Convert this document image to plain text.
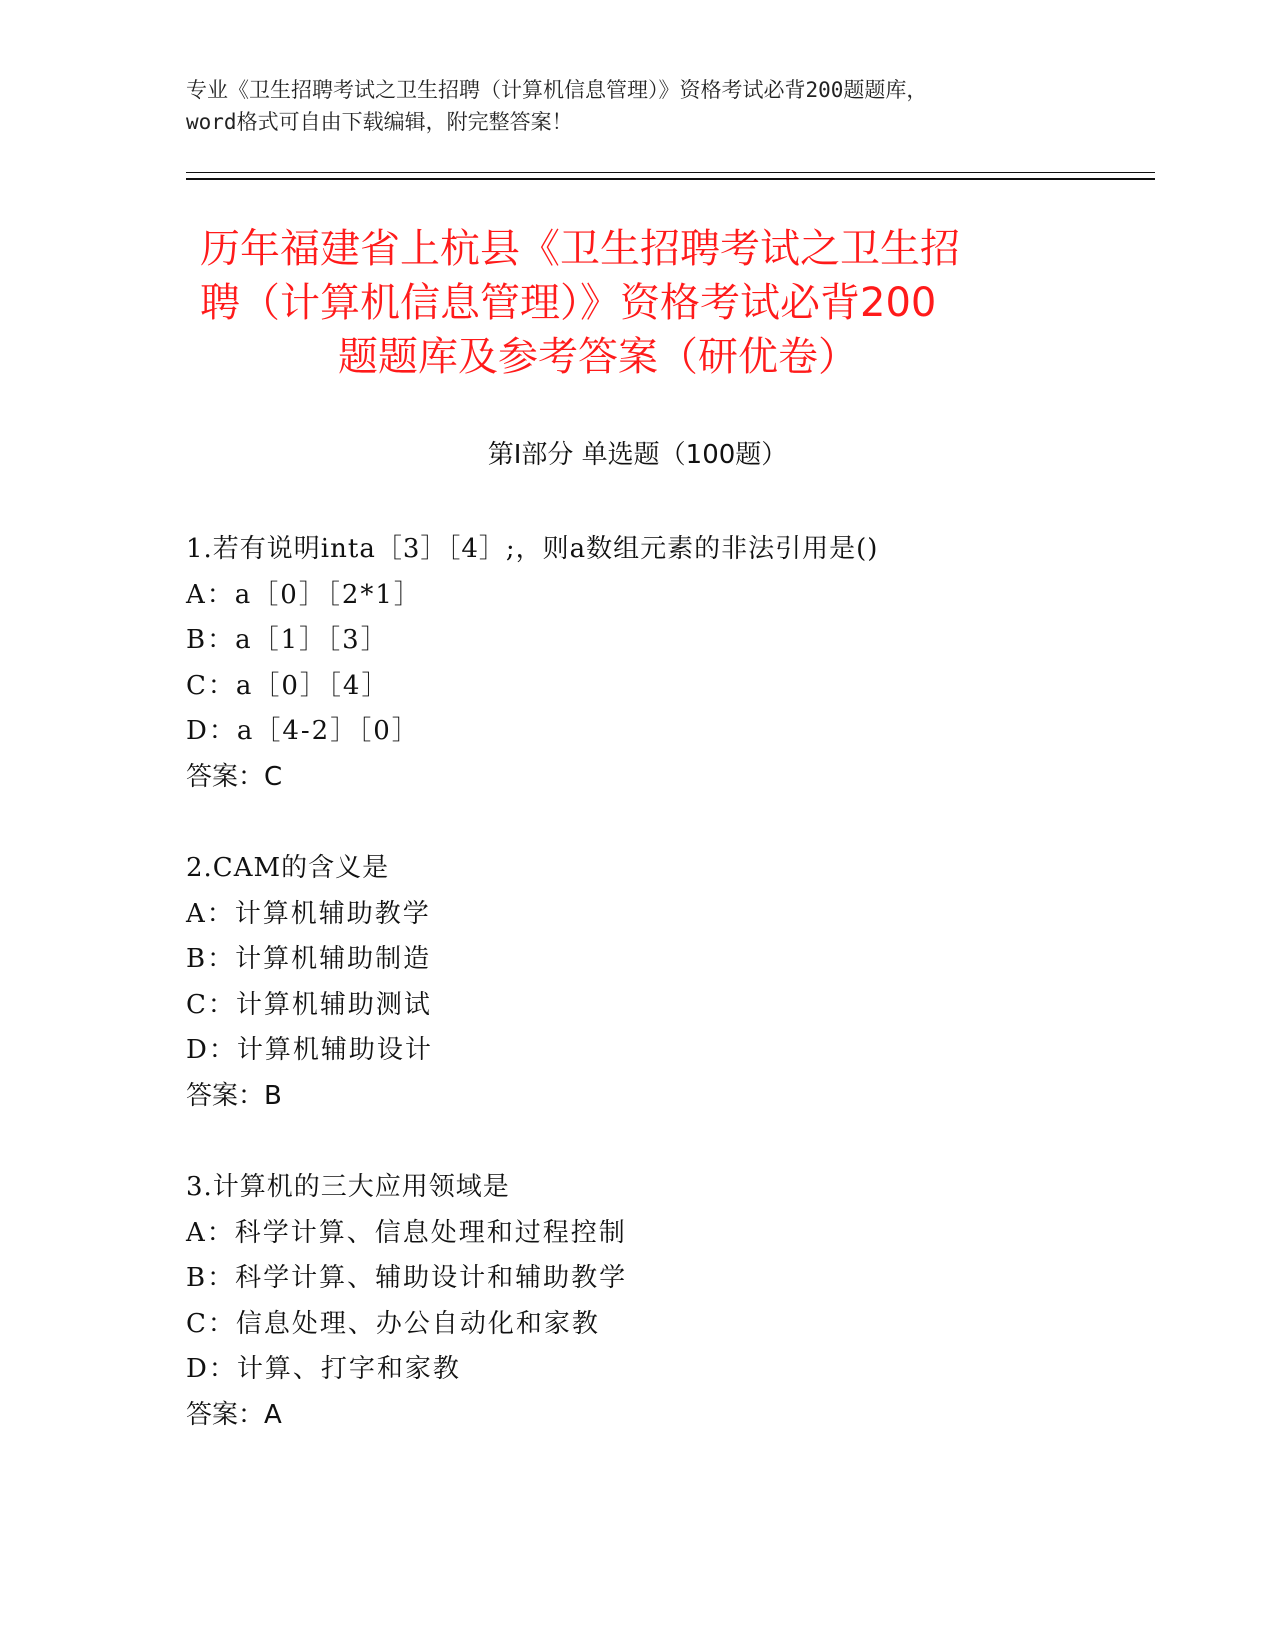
专业《卫生招聘考试之卫生招聘（计算机信息管理）》资格考试必背200题题库，
word格式可自由下载编辑，附完整答案！
历年福建省上杭县《卫生招聘考试之卫生招
聘（计算机信息管理）》资格考试必背200
题题库及参考答案（研优卷）
第Ⅰ部分 单选题（100题）
1.若有说明inta［3］［4］;，则a数组元素的非法引用是()
A：a［0］［2*1］
B：a［1］［3］
C：a［0］［4］
D：a［4-2］［0］
答案：C
2.CAM的含义是
A：计算机辅助教学
B：计算机辅助制造
C：计算机辅助测试
D：计算机辅助设计
答案：B
3.计算机的三大应用领域是
A：科学计算、信息处理和过程控制
B：科学计算、辅助设计和辅助教学
C：信息处理、办公自动化和家教
D：计算、打字和家教
答案：A
